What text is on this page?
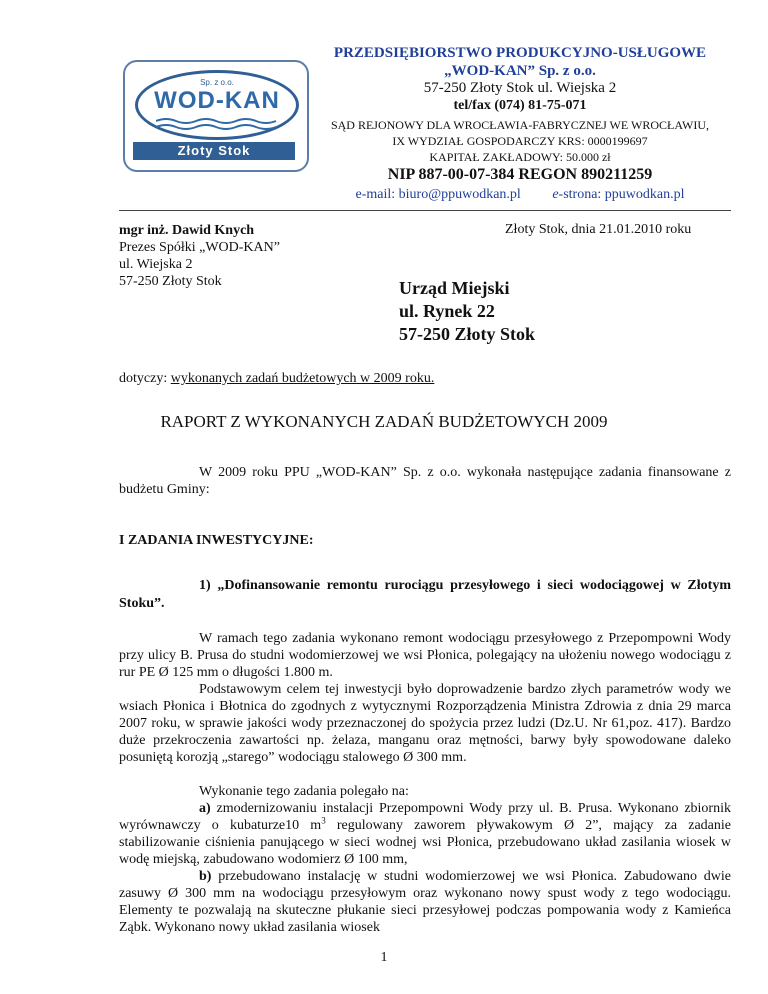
Sp. z o.o.
WOD-KAN
Złoty Stok
PRZEDSIĘBIORSTWO PRODUKCYJNO-USŁUGOWE
„WOD-KAN” Sp. z o.o.
57-250 Złoty Stok ul. Wiejska 2
tel/fax (074) 81-75-071
SĄD REJONOWY DLA WROCŁAWIA-FABRYCZNEJ WE WROCŁAWIU,
IX WYDZIAŁ GOSPODARCZY KRS: 0000199697
KAPITAŁ ZAKŁADOWY: 50.000 zł
NIP 887-00-07-384 REGON 890211259
e-mail: biuro@ppuwodkan.pl e-strona: ppuwodkan.pl
mgr inż. Dawid Knych
Prezes Spółki „WOD-KAN”
ul. Wiejska 2
57-250 Złoty Stok
Złoty Stok, dnia 21.01.2010 roku
Urząd Miejski
ul. Rynek 22
57-250 Złoty Stok
dotyczy: wykonanych zadań budżetowych w 2009 roku.
RAPORT Z WYKONANYCH ZADAŃ BUDŻETOWYCH 2009
W 2009 roku PPU „WOD-KAN” Sp. z o.o. wykonała następujące zadania finansowane z budżetu Gminy:
I ZADANIA INWESTYCYJNE:
1) „Dofinansowanie remontu rurociągu przesyłowego i sieci wodociągowej w Złotym Stoku”.
W ramach tego zadania wykonano remont wodociągu przesyłowego z Przepompowni Wody przy ulicy B. Prusa do studni wodomierzowej we wsi Płonica, polegający na ułożeniu nowego wodociągu z rur PE Ø 125 mm o długości 1.800 m.
Podstawowym celem tej inwestycji było doprowadzenie bardzo złych parametrów wody we wsiach Płonica i Błotnica do zgodnych z wytycznymi Rozporządzenia Ministra Zdrowia z dnia 29 marca 2007 roku, w sprawie jakości wody przeznaczonej do spożycia przez ludzi (Dz.U. Nr 61,poz. 417). Bardzo duże przekroczenia zawartości np. żelaza, manganu oraz mętności, barwy były spowodowane daleko posuniętą korozją „starego” wodociągu stalowego Ø 300 mm.
Wykonanie tego zadania polegało na:
a) zmodernizowaniu instalacji Przepompowni Wody przy ul. B. Prusa. Wykonano zbiornik wyrównawczy o kubaturze10 $m^3$ regulowany zaworem pływakowym Ø 2”, mający za zadanie stabilizowanie ciśnienia panującego w sieci wodnej wsi Płonica, przebudowano układ zasilania wiosek w wodę miejską, zabudowano wodomierz Ø 100 mm,
b) przebudowano instalację w studni wodomierzowej we wsi Płonica. Zabudowano dwie zasuwy Ø 300 mm na wodociągu przesyłowym oraz wykonano nowy spust wody z tego wodociągu. Elementy te pozwalają na skuteczne płukanie sieci przesyłowej podczas pompowania wody z Kamieńca Ząbk. Wykonano nowy układ zasilania wiosek
1
